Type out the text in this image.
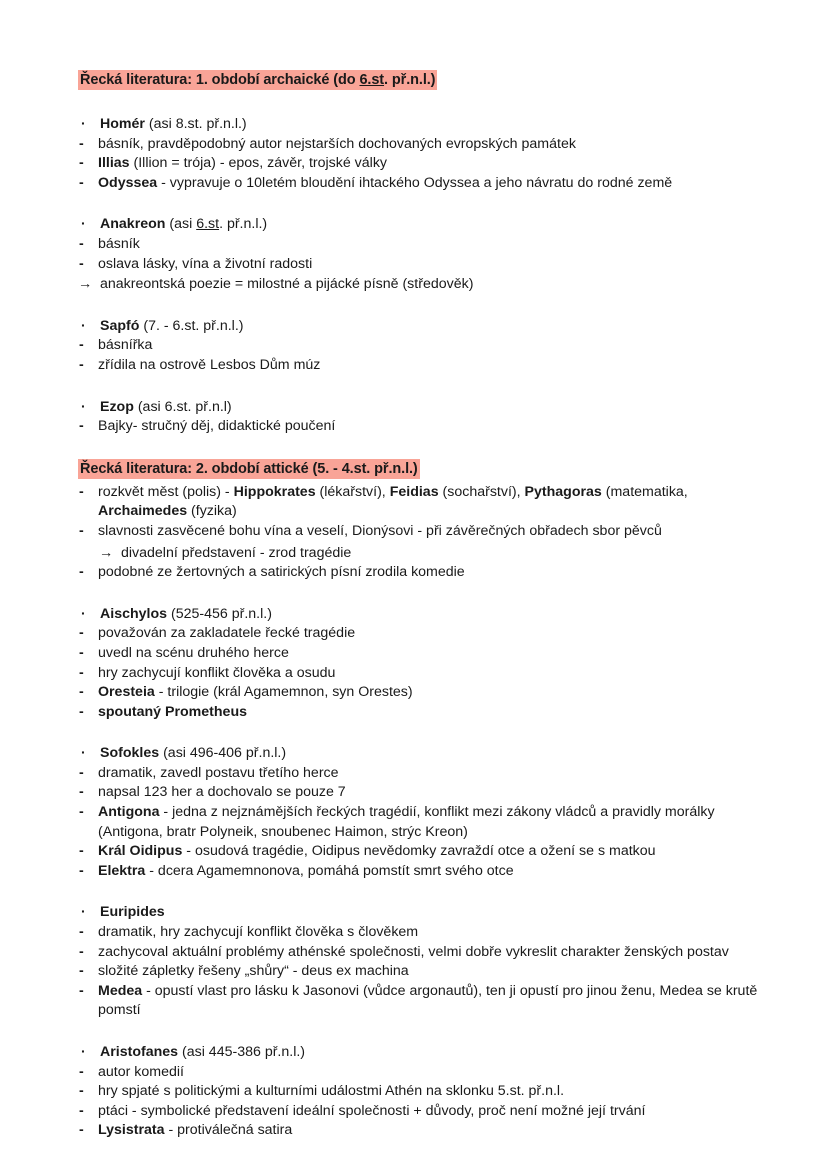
Řecká literatura: 1. období archaické (do 6.st. př.n.l.)
·	Homér (asi 8.st. př.n.l.)
-	básník, pravděpodobný autor nejstarších dochovaných evropských památek
-	Illias (Illion = trója) - epos, závěr, trojské války
-	Odyssea - vypravuje o 10letém bloudění ihtackého Odyssea a jeho návratu do rodné země
·	Anakreon (asi 6.st. př.n.l.)
-	básník
-	oslava lásky, vína a životní radosti
→ anakreontská poezie = milostné a pijácké písně (středověk)
·	Sapfó (7. - 6.st. př.n.l.)
-	básnířka
-	zřídila na ostrově Lesbos Dům múz
·	Ezop (asi 6.st. př.n.l)
-	Bajky- stručný děj, didaktické poučení
Řecká literatura: 2. období attické (5. - 4.st. př.n.l.)
-	rozkvět měst (polis) - Hippokrates (lékařství), Feidias (sochařství), Pythagoras (matematika, Archaimedes (fyzika)
-	slavnosti zasvěcené bohu vína a veselí, Dionýsovi - při závěrečných obřadech sbor pěvců
→ divadelní představení - zrod tragédie
-	podobné ze žertovných a satirických písní zrodila komedie
·	Aischylos (525-456 př.n.l.)
-	považován za zakladatele řecké tragédie
-	uvedl na scénu druhého herce
-	hry zachycují konflikt člověka a osudu
-	Oresteia - trilogie (král Agamemnon, syn Orestes)
-	spoutaný Prometheus
·	Sofokles (asi 496-406 př.n.l.)
-	dramatik, zavedl postavu třetího herce
-	napsal 123 her a dochovalo se pouze 7
-	Antigona - jedna z nejznámějších řeckých tragédií, konflikt mezi zákony vládců a pravidly morálky (Antigona, bratr Polyneik, snoubenec Haimon, strýc Kreon)
-	Král Oidipus - osudová tragédie, Oidipus nevědomky zavraždí otce a ožení se s matkou
-	Elektra - dcera Agamemnonova, pomáhá pomstít smrt svého otce
·	Euripides
-	dramatik, hry zachycují konflikt člověka s člověkem
-	zachycoval aktuální problémy athénské společnosti, velmi dobře vykreslit charakter ženských postav
-	složité zápletky řešeny „shůry“ - deus ex machina
-	Medea - opustí vlast pro lásku k Jasonovi (vůdce argonautů), ten ji opustí pro jinou ženu, Medea se krutě pomstí
·	Aristofanes (asi 445-386 př.n.l.)
-	autor komedií
-	hry spjaté s politickými a kulturními událostmi Athén na sklonku 5.st. př.n.l.
-	ptáci - symbolické představení ideální společnosti + důvody, proč není možné její trvání
-	Lysistrata - protiválečná satira
